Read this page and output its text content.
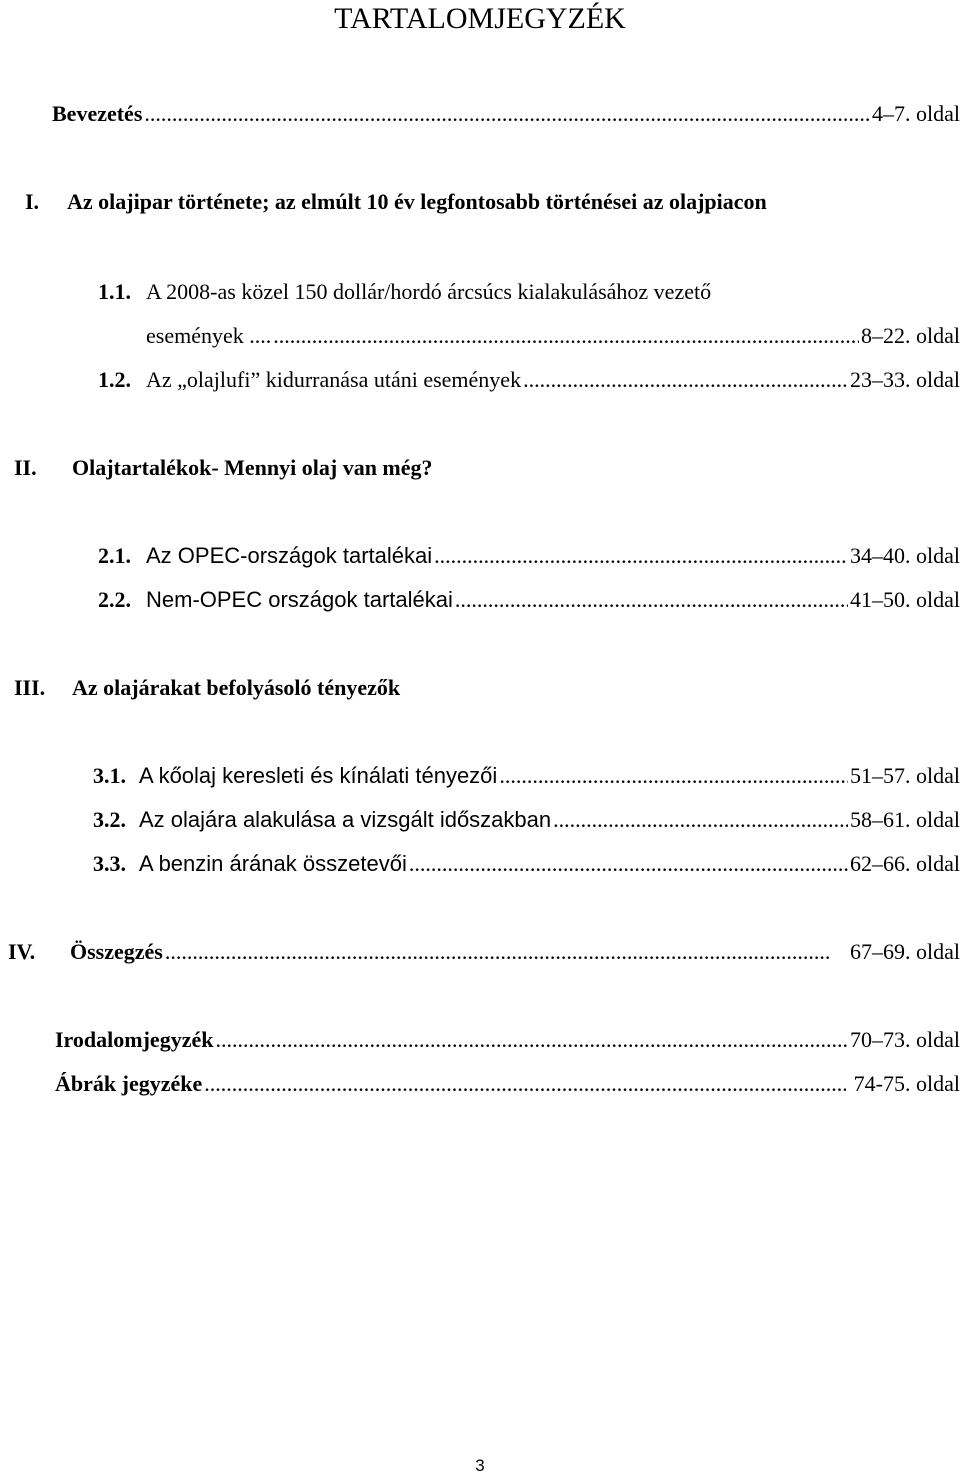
TARTALOMJEGYZÉK
Bevezetés .....	4–7. oldal
I. Az olajipar története; az elmúlt 10 év legfontosabb történései az olajpiacon
1.1. A 2008-as közel 150 dollár/hordó árcsúcs kialakulásához vezető
események .... .....	8–22. oldal
1.2. Az „olajlufi” kidurranása utáni események .....	23–33. oldal
II. Olajtartalékok- Mennyi olaj van még?
2.1. Az OPEC-országok tartalékai .....	34–40. oldal
2.2. Nem-OPEC országok tartalékai .....	41–50. oldal
III. Az olajárakat befolyásoló tényezők
3.1. A kőolaj keresleti és kínálati tényezői .....	51–57. oldal
3.2. Az olajára alakulása a vizsgált időszakban .....	58–61. oldal
3.3. A benzin árának összetevői .....	62–66. oldal
IV. Összegzés .....	67–69. oldal
Irodalomjegyzék .....	70–73. oldal
Ábrák jegyzéke .....	74-75. oldal
3
